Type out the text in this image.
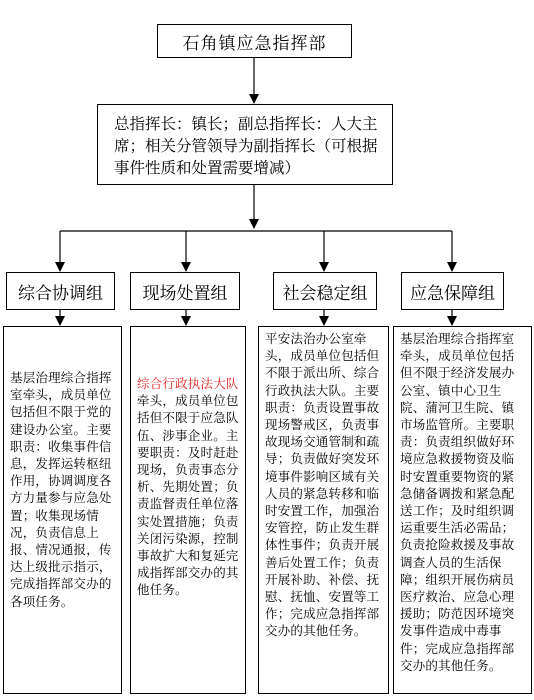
石角镇应急指挥部
总指挥长：镇长；副总指挥长：人大主席；相关分管领导为副指挥长（可根据事件性质和处置需要增减）
综合协调组	现场处置组	社会稳定组	应急保障组
基层治理综合指挥室牵头，成员单位包括但不限于党的建设办公室。主要职责：收集事件信息，发挥运转枢纽作用，协调调度各方力量参与应急处置；收集现场情况，负责信息上报、情况通报，传达上级批示指示，完成指挥部交办的各项任务。
综合行政执法大队牵头，成员单位包括但不限于应急队伍、涉事企业。主要职责：及时赶赴现场，负责事态分析、先期处置；负责监督责任单位落实处置措施；负责关闭污染源，控制事故扩大和复延完成指挥部交办的其他任务。
平安法治办公室牵头，成员单位包括但不限于派出所、综合行政执法大队。主要职责：负责设置事故现场警戒区，负责事故现场交通管制和疏导；负责做好突发环境事件影响区域有关人员的紧急转移和临时安置工作，加强治安管控，防止发生群体性事件；负责开展善后处置工作；负责开展补助、补偿、抚慰、抚恤、安置等工作；完成应急指挥部交办的其他任务。
基层治理综合指挥室牵头，成员单位包括但不限于经济发展办公室、镇中心卫生院、蒲河卫生院、镇市场监管所。主要职责：负责组织做好环境应急救援物资及临时安置重要物资的紧急储备调拨和紧急配送工作；及时组织调运重要生活必需品；负责抢险救援及事故调查人员的生活保障；组织开展伤病员医疗救治、应急心理援助；防范因环境突发事件造成中毒事件；完成应急指挥部交办的其他任务。
